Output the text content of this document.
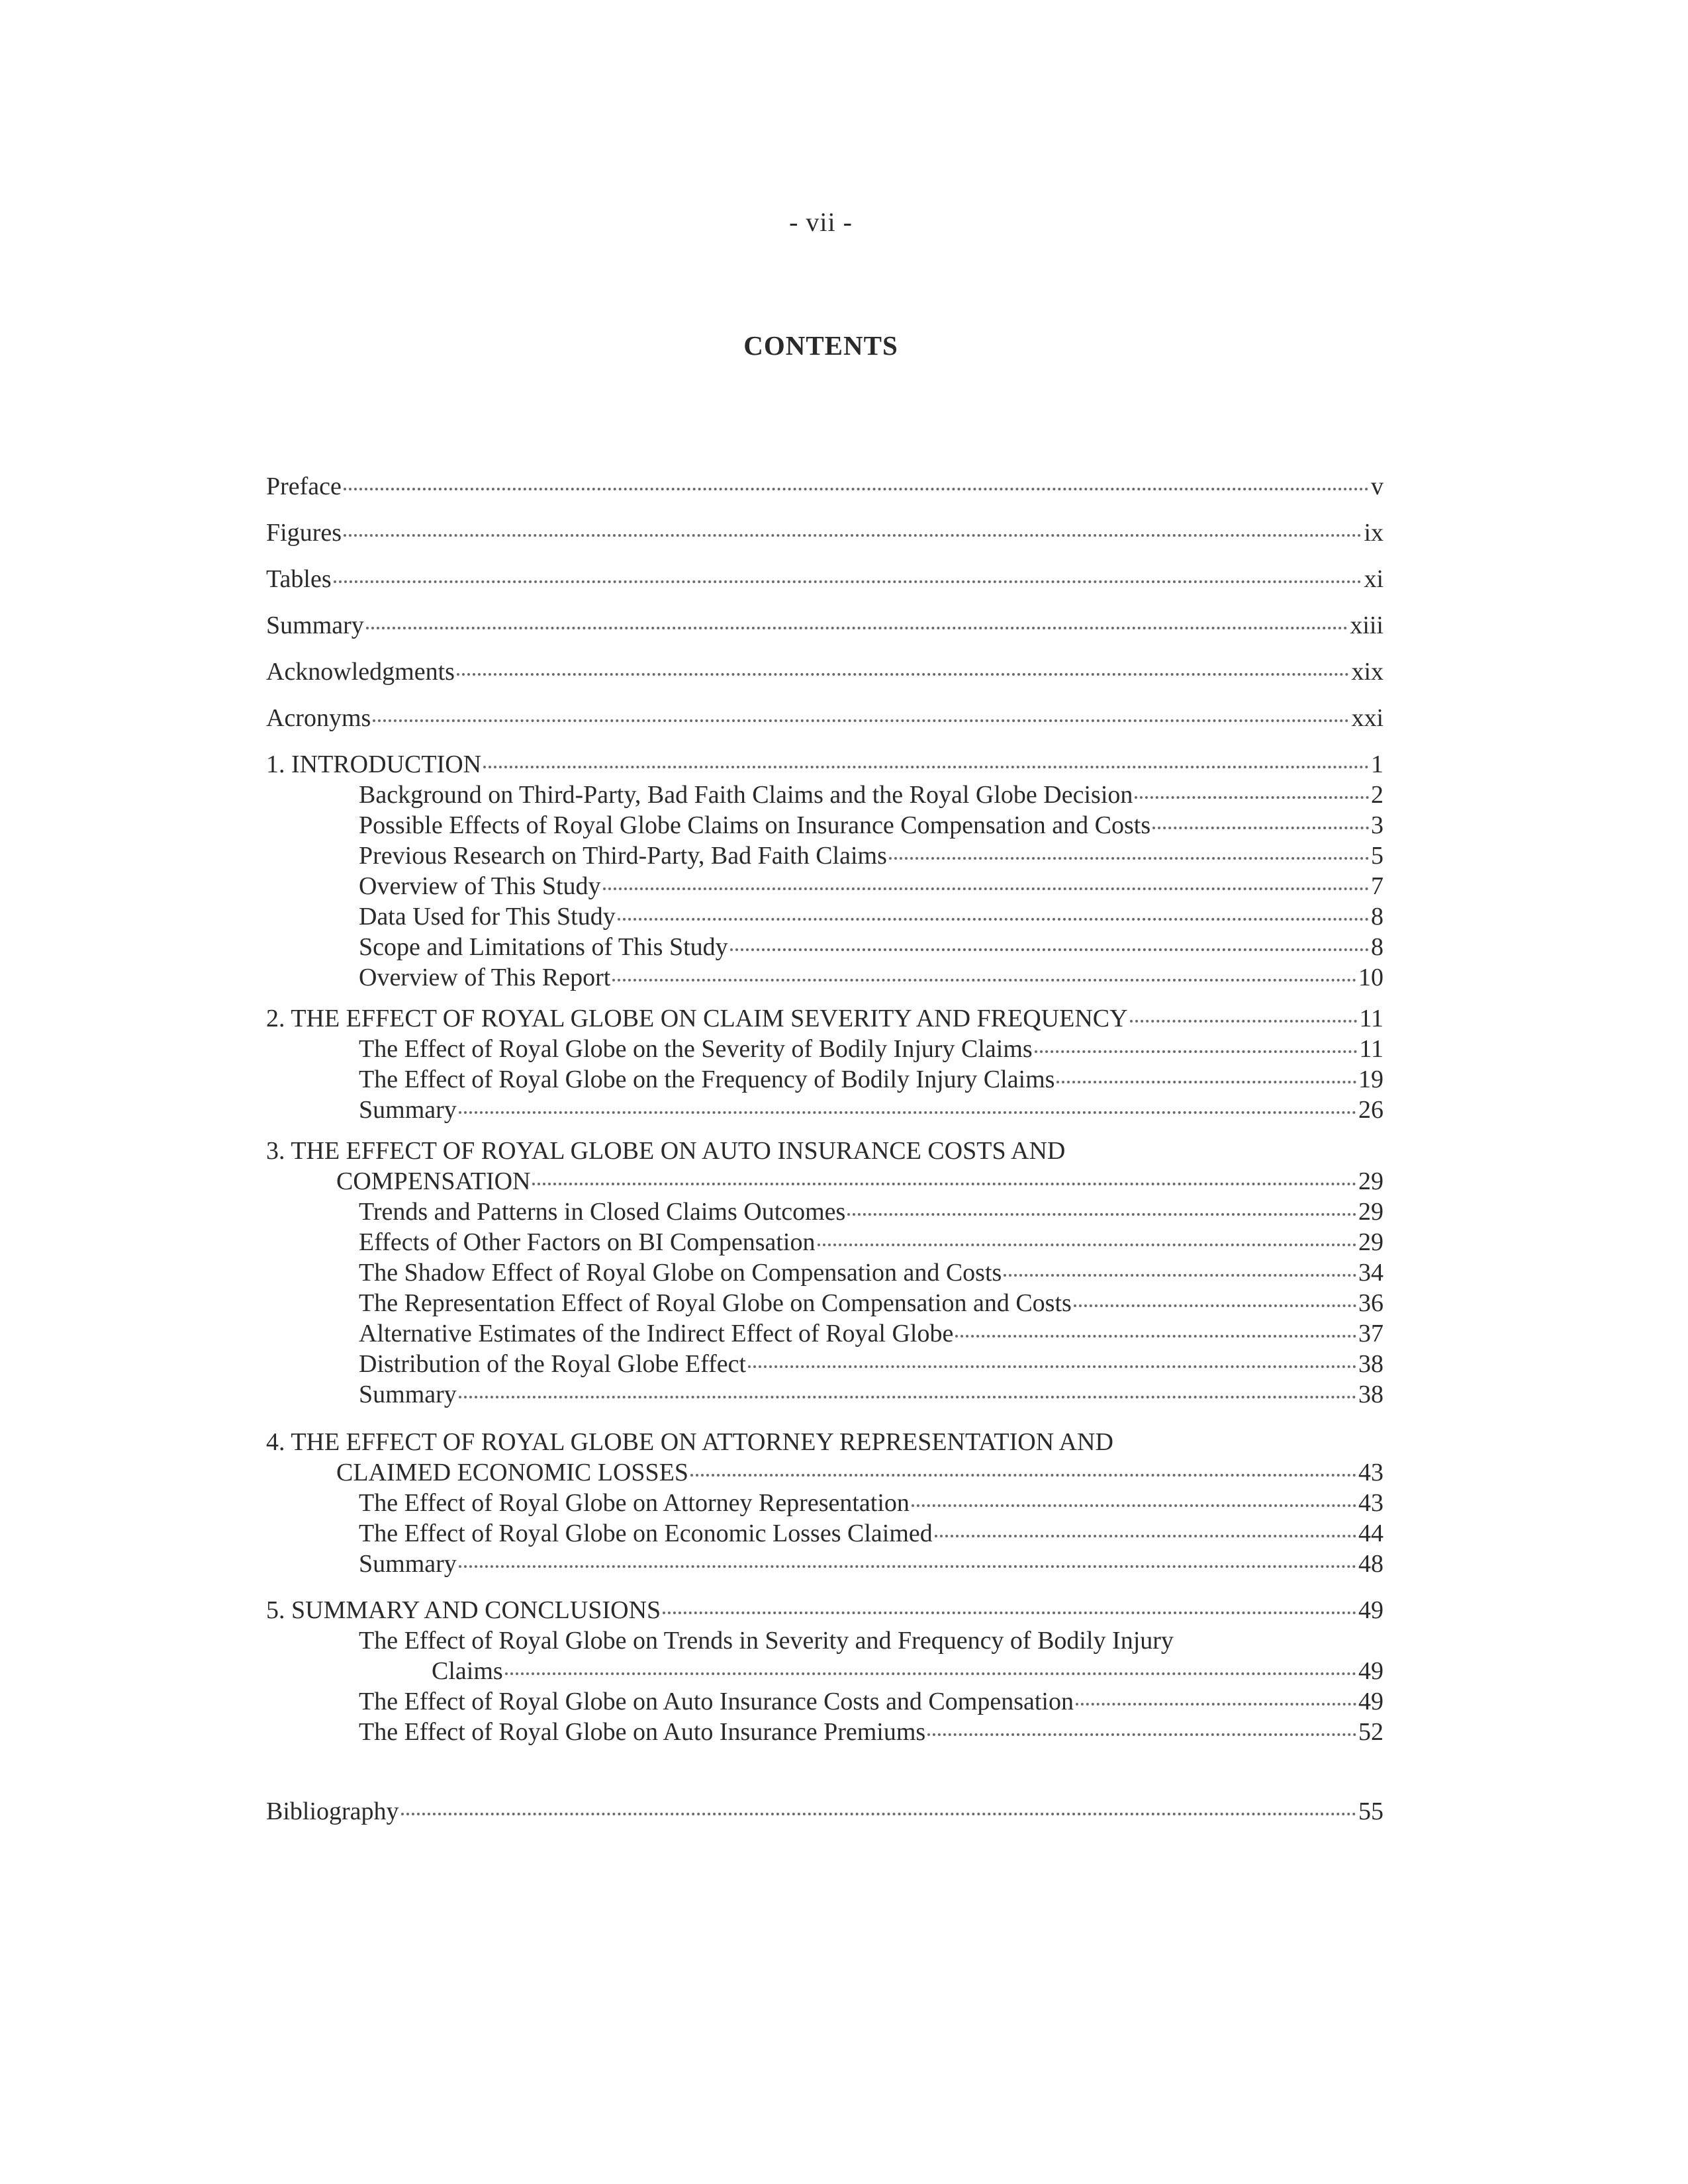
- vii -
CONTENTS
Preface	v
Figures	ix
Tables	xi
Summary	xiii
Acknowledgments	xix
Acronyms	xxi
1. INTRODUCTION	1
Background on Third-Party, Bad Faith Claims and the Royal Globe Decision	2
Possible Effects of Royal Globe Claims on Insurance Compensation and Costs	3
Previous Research on Third-Party, Bad Faith Claims	5
Overview of This Study	7
Data Used for This Study	8
Scope and Limitations of This Study	8
Overview of This Report	10
2. THE EFFECT OF ROYAL GLOBE ON CLAIM SEVERITY AND FREQUENCY	11
The Effect of Royal Globe on the Severity of Bodily Injury Claims	11
The Effect of Royal Globe on the Frequency of Bodily Injury Claims	19
Summary	26
3. THE EFFECT OF ROYAL GLOBE ON AUTO INSURANCE COSTS AND
COMPENSATION	29
Trends and Patterns in Closed Claims Outcomes	29
Effects of Other Factors on BI Compensation	29
The Shadow Effect of Royal Globe on Compensation and Costs	34
The Representation Effect of Royal Globe on Compensation and Costs	36
Alternative Estimates of the Indirect Effect of Royal Globe	37
Distribution of the Royal Globe Effect	38
Summary	38
4. THE EFFECT OF ROYAL GLOBE ON ATTORNEY REPRESENTATION AND
CLAIMED ECONOMIC LOSSES	43
The Effect of Royal Globe on Attorney Representation	43
The Effect of Royal Globe on Economic Losses Claimed	44
Summary	48
5. SUMMARY AND CONCLUSIONS	49
The Effect of Royal Globe on Trends in Severity and Frequency of Bodily Injury
Claims	49
The Effect of Royal Globe on Auto Insurance Costs and Compensation	49
The Effect of Royal Globe on Auto Insurance Premiums	52
Bibliography	55
